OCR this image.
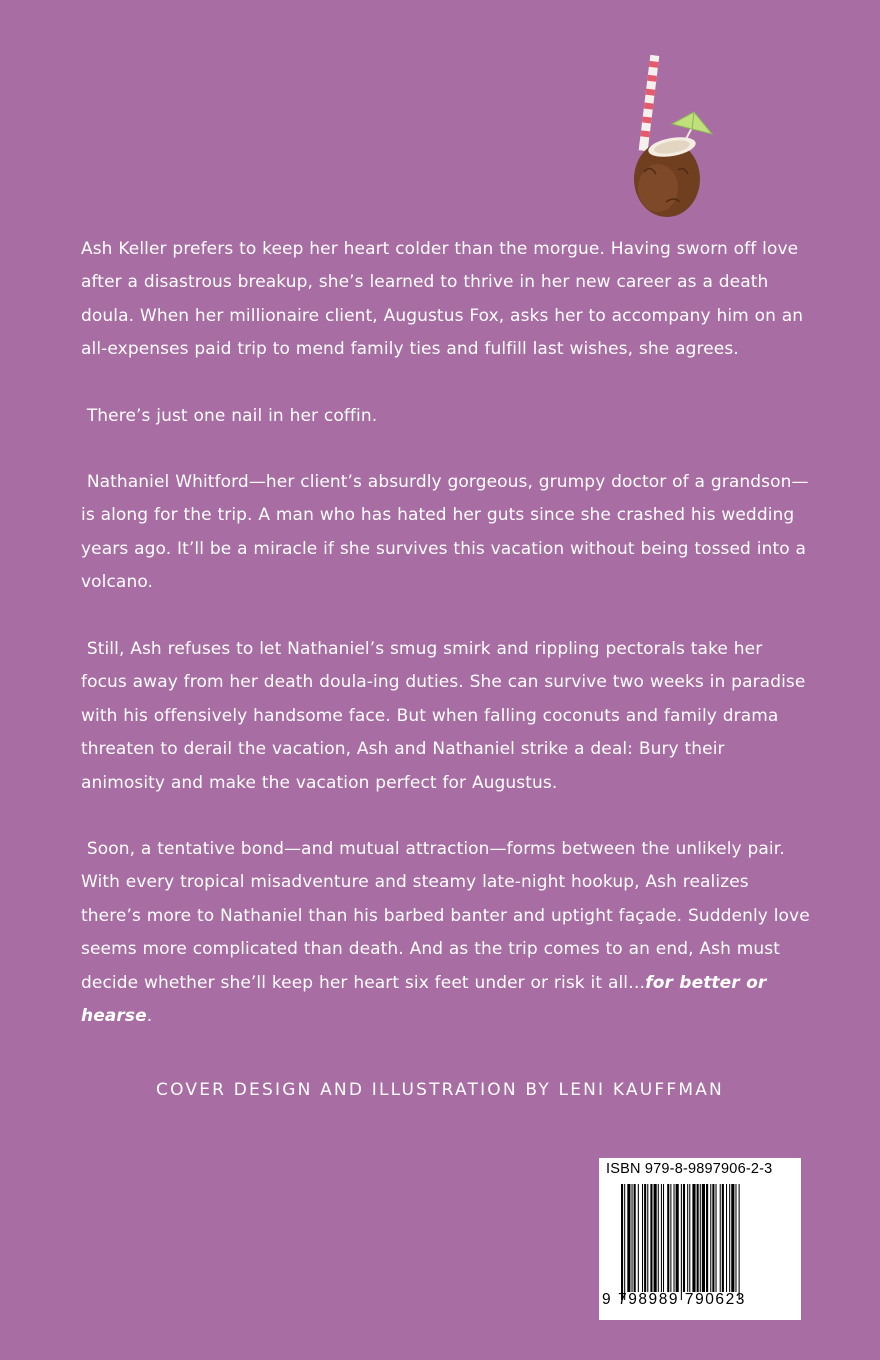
Ash Keller prefers to keep her heart colder than the morgue. Having sworn off love after a disastrous breakup, she’s learned to thrive in her new career as a death doula. When her millionaire client, Augustus Fox, asks her to accompany him on an all-expenses paid trip to mend family ties and fulfill last wishes, she agrees.

There’s just one nail in her coffin.

Nathaniel Whitford—her client’s absurdly gorgeous, grumpy doctor of a grandson—is along for the trip. A man who has hated her guts since she crashed his wedding years ago. It’ll be a miracle if she survives this vacation without being tossed into a volcano.

Still, Ash refuses to let Nathaniel’s smug smirk and rippling pectorals take her focus away from her death doula-ing duties. She can survive two weeks in paradise with his offensively handsome face. But when falling coconuts and family drama threaten to derail the vacation, Ash and Nathaniel strike a deal: Bury their animosity and make the vacation perfect for Augustus.

Soon, a tentative bond—and mutual attraction—forms between the unlikely pair. With every tropical misadventure and steamy late-night hookup, Ash realizes there’s more to Nathaniel than his barbed banter and uptight façade. Suddenly love seems more complicated than death. And as the trip comes to an end, Ash must decide whether she’ll keep her heart six feet under or risk it all…for better or hearse.

COVER DESIGN AND ILLUSTRATION BY LENI KAUFFMAN

ISBN 979-8-9897906-2-3
9 798989 790623
